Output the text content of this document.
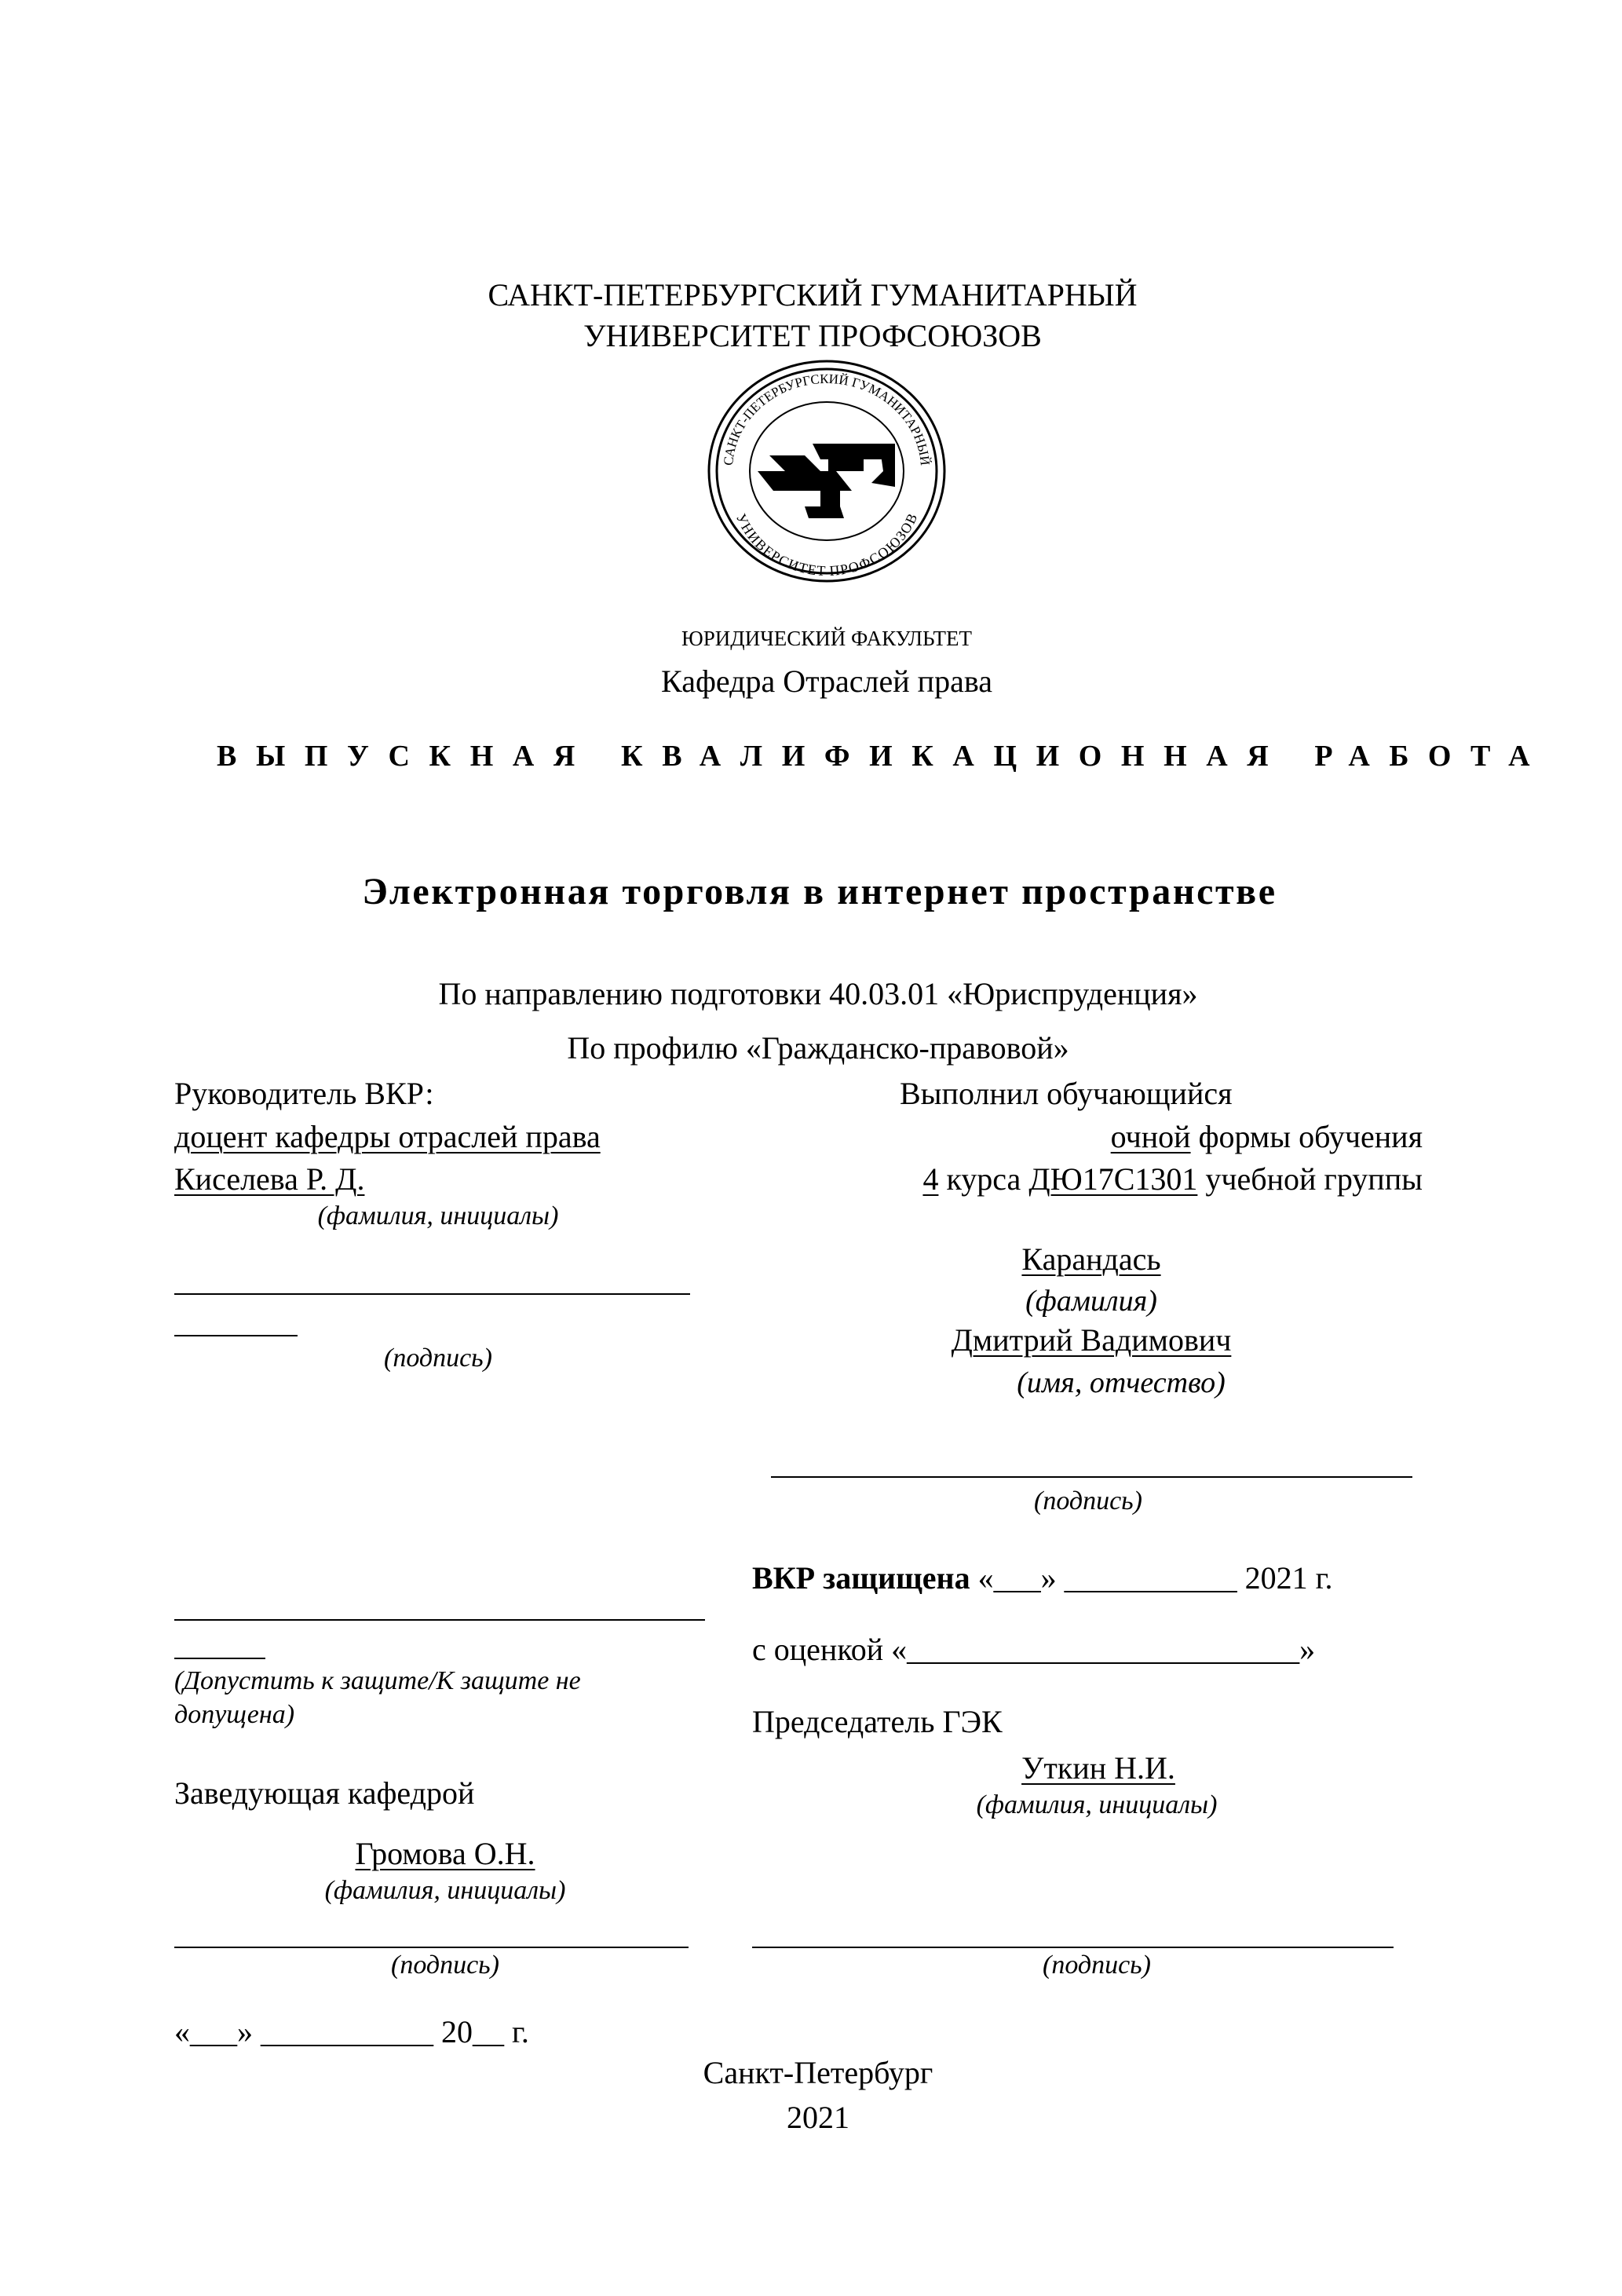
САНКТ-ПЕТЕРБУРГСКИЙ ГУМАНИТАРНЫЙ
УНИВЕРСИТЕТ ПРОФСОЮЗОВ
САНКТ-ПЕТЕРБУРГСКИЙ ГУМАНИТАРНЫЙ
УНИВЕРСИТЕТ ПРОФСОЮЗОВ
ЮРИДИЧЕСКИЙ ФАКУЛЬТЕТ
Кафедра Отраслей права
ВЫПУСКНАЯ КВАЛИФИКАЦИОННАЯ РАБОТА
Электронная торговля в интернет пространстве
По направлению подготовки 40.03.01 «Юриспруденция»
По профилю «Гражданско-правовой»
Руководитель ВКР:
доцент кафедры отраслей права
Киселева Р. Д.
(фамилия, инициалы)
(подпись)
Выполнил обучающийся
очной формы обучения
4 курса ДЮ17С1301 учебной группы
Карандась
(фамилия)
Дмитрий Вадимович
(имя, отчество)
(подпись)
ВКР защищена «___» ___________ 2021 г.
с оценкой «_________________________»
Председатель ГЭК
Уткин Н.И.
(фамилия, инициалы)
(подпись)
(Допустить к защите/К защите не
допущена)
Заведующая кафедрой
Громова О.Н.
(фамилия, инициалы)
(подпись)
«___» ___________ 20__ г.
Санкт-Петербург
2021
